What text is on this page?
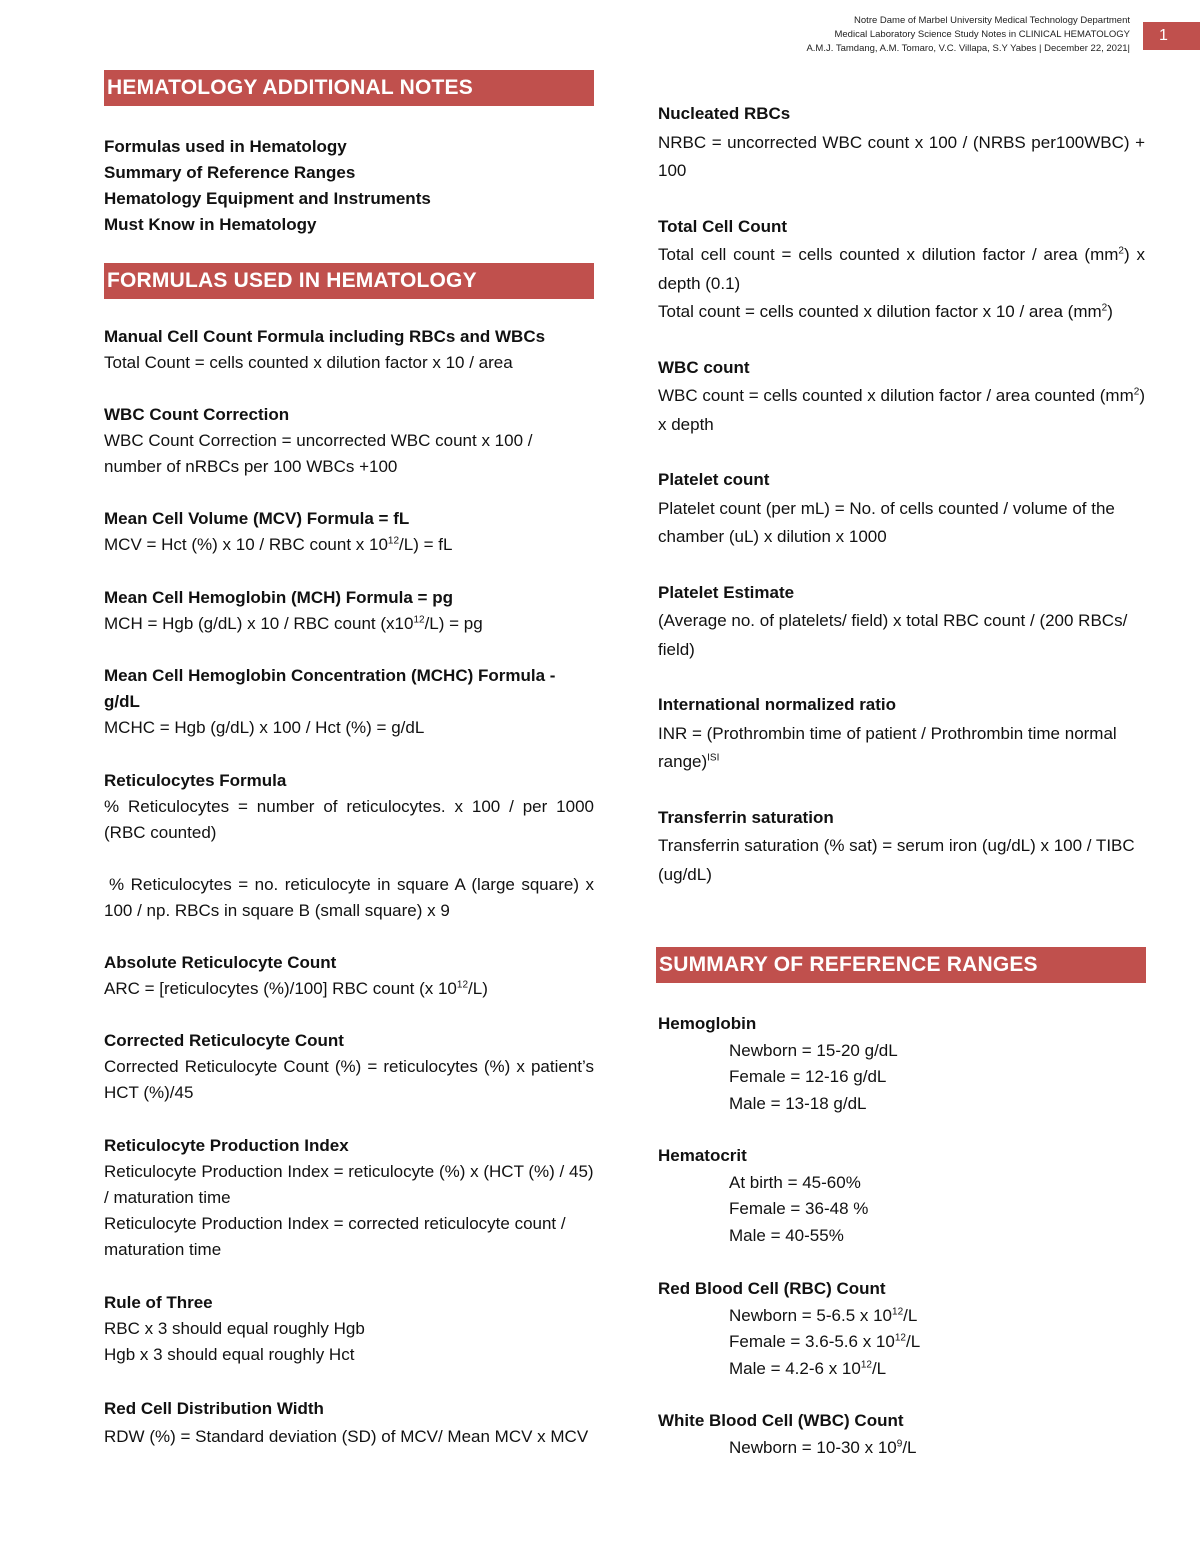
Notre Dame of Marbel University Medical Technology Department
Medical Laboratory Science Study Notes in CLINICAL HEMATOLOGY
A.M.J. Tamdang, A.M. Tomaro, V.C. Villapa, S.Y Yabes | December 22, 2021|
1
HEMATOLOGY ADDITIONAL NOTES
Formulas used in Hematology
Summary of Reference Ranges
Hematology Equipment and Instruments
Must Know in Hematology
FORMULAS USED IN HEMATOLOGY
Manual Cell Count Formula including RBCs and WBCs
Total Count = cells counted x dilution factor x 10 / area
WBC Count Correction
WBC Count Correction = uncorrected WBC count x 100 / number of nRBCs per 100 WBCs +100
Mean Cell Volume (MCV) Formula = fL
MCV = Hct (%) x 10 / RBC count x $10^{12}/L$) = fL
Mean Cell Hemoglobin (MCH) Formula = pg
MCH = Hgb (g/dL) x 10 / RBC count $(x10^{12}/L)$ = pg
Mean Cell Hemoglobin Concentration (MCHC) Formula - g/dL
MCHC = Hgb (g/dL) x 100 / Hct (%) = g/dL
Reticulocytes Formula
% Reticulocytes = number of reticulocytes. x 100 / per 1000 (RBC counted)
% Reticulocytes = no. reticulocyte in square A (large square) x 100 / np. RBCs in square B (small square) x 9
Absolute Reticulocyte Count
ARC = [reticulocytes (%)/100] RBC count (x $10^{12}/L$)
Corrected Reticulocyte Count
Corrected Reticulocyte Count (%) = reticulocytes (%) x patient’s HCT (%)/45
Reticulocyte Production Index
Reticulocyte Production Index = reticulocyte (%) x (HCT (%) / 45) / maturation time
Reticulocyte Production Index = corrected reticulocyte count / maturation time
Rule of Three
RBC x 3 should equal roughly Hgb
Hgb x 3 should equal roughly Hct
Red Cell Distribution Width
RDW (%) = Standard deviation (SD) of MCV/ Mean MCV x MCV
Nucleated RBCs
NRBC = uncorrected WBC count x 100 / (NRBS per100WBC) + 100
Total Cell Count
Total cell count = cells counted x dilution factor / area $(mm^2)$ x depth (0.1)
Total count = cells counted x dilution factor x 10 / area $(mm^2)$
WBC count
WBC count = cells counted x dilution factor / area counted $(mm^2)$ x depth
Platelet count
Platelet count (per mL) = No. of cells counted / volume of the chamber (uL) x dilution x 1000
Platelet Estimate
(Average no. of platelets/ field) x total RBC count / (200 RBCs/ field)
International normalized ratio
INR = (Prothrombin time of patient / Prothrombin time normal range)$^{ISI}$
Transferrin saturation
Transferrin saturation (% sat) = serum iron (ug/dL) x 100 / TIBC (ug/dL)
SUMMARY OF REFERENCE RANGES
Hemoglobin
Newborn = 15-20 g/dL
Female = 12-16 g/dL
Male = 13-18 g/dL
Hematocrit
At birth = 45-60%
Female = 36-48 %
Male = 40-55%
Red Blood Cell (RBC) Count
Newborn = 5-6.5 x $10^{12}/L$
Female = 3.6-5.6 x $10^{12}/L$
Male = 4.2-6 x $10^{12}/L$
White Blood Cell (WBC) Count
Newborn = 10-30 x $10^9/L$
